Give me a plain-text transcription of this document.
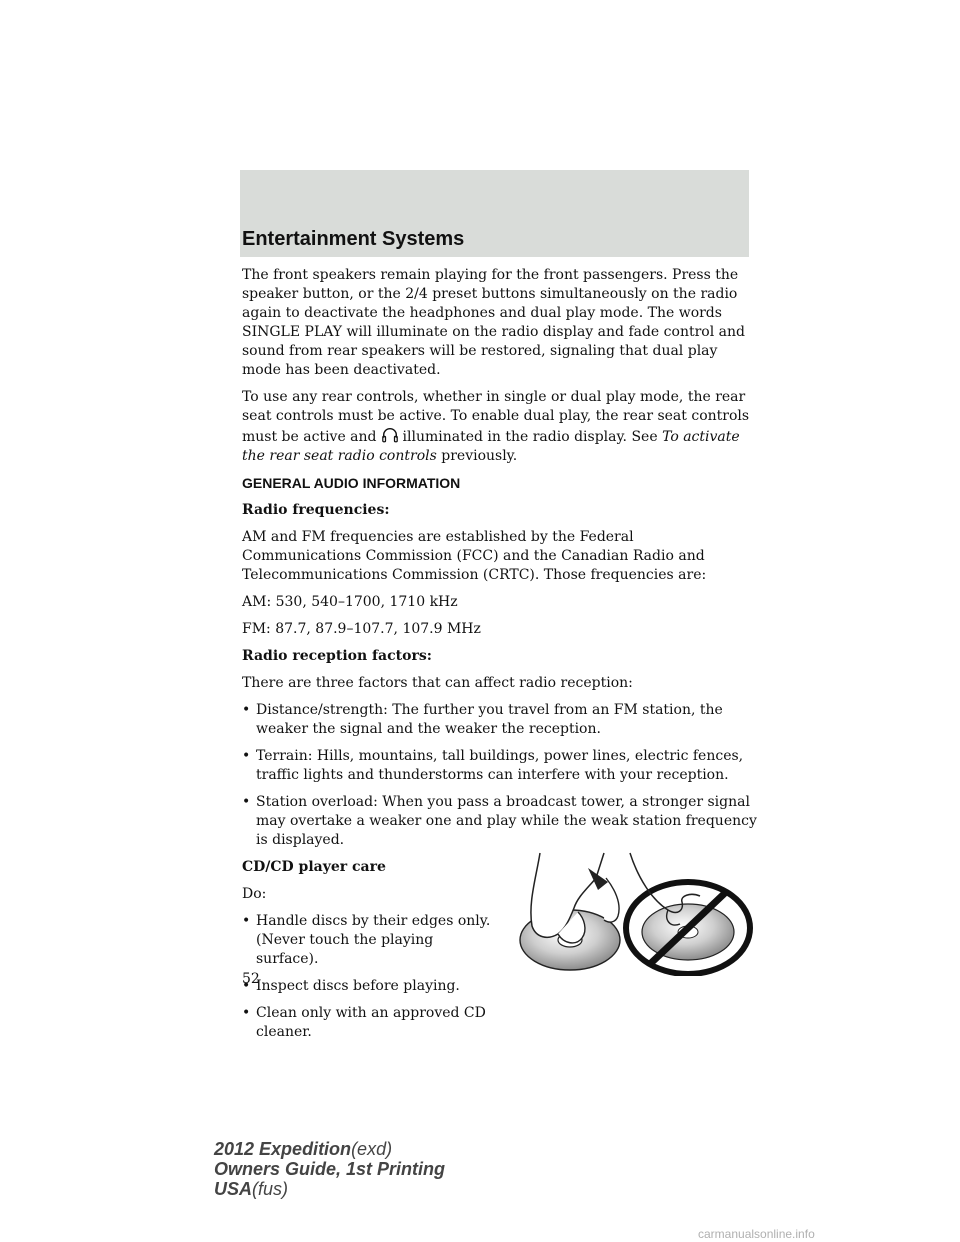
Entertainment Systems

The front speakers remain playing for the front passengers. Press the speaker button, or the 2/4 preset buttons simultaneously on the radio again to deactivate the headphones and dual play mode. The words SINGLE PLAY will illuminate on the radio display and fade control and sound from rear speakers will be restored, signaling that dual play mode has been deactivated.

To use any rear controls, whether in single or dual play mode, the rear seat controls must be active. To enable dual play, the rear seat controls must be active and illuminated in the radio display. See To activate the rear seat radio controls previously.

GENERAL AUDIO INFORMATION

Radio frequencies:

AM and FM frequencies are established by the Federal Communications Commission (FCC) and the Canadian Radio and Telecommunications Commission (CRTC). Those frequencies are:

AM: 530, 540–1700, 1710 kHz

FM: 87.7, 87.9–107.7, 107.9 MHz

Radio reception factors:

There are three factors that can affect radio reception:

• Distance/strength: The further you travel from an FM station, the weaker the signal and the weaker the reception.
• Terrain: Hills, mountains, tall buildings, power lines, electric fences, traffic lights and thunderstorms can interfere with your reception.
• Station overload: When you pass a broadcast tower, a stronger signal may overtake a weaker one and play while the weak station frequency is displayed.

CD/CD player care

Do:

• Handle discs by their edges only. (Never touch the playing surface).
• Inspect discs before playing.
• Clean only with an approved CD cleaner.
52
2012 Expedition(exd)
Owners Guide, 1st Printing
USA(fus)
carmanualsonline.info
